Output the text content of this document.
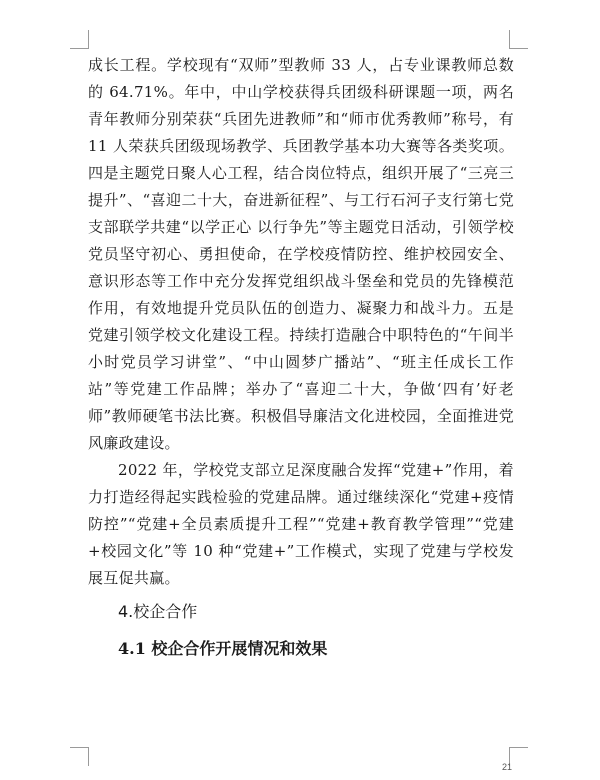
成长工程。学校现有“双师”型教师 33 人，占专业课教师总数的 64.71%。年中，中山学校获得兵团级科研课题一项，两名青年教师分别荣获“兵团先进教师”和“师市优秀教师”称号，有 11 人荣获兵团级现场教学、兵团教学基本功大赛等各类奖项。四是主题党日聚人心工程，结合岗位特点，组织开展了“三亮三提升”、“喜迎二十大，奋进新征程”、与工行石河子支行第七党支部联学共建“以学正心 以行争先”等主题党日活动，引领学校党员坚守初心、勇担使命，在学校疫情防控、维护校园安全、意识形态等工作中充分发挥党组织战斗堡垒和党员的先锋模范作用，有效地提升党员队伍的创造力、凝聚力和战斗力。五是党建引领学校文化建设工程。持续打造融合中职特色的“午间半小时党员学习讲堂”、“中山圆梦广播站”、“班主任成长工作站”等党建工作品牌；举办了“喜迎二十大，争做‘四有’好老师”教师硬笔书法比赛。积极倡导廉洁文化进校园，全面推进党风廉政建设。

2022 年，学校党支部立足深度融合发挥“党建+”作用，着力打造经得起实践检验的党建品牌。通过继续深化“党建+疫情防控”“党建+全员素质提升工程”“党建+教育教学管理”“党建+校园文化”等 10 种“党建+”工作模式，实现了党建与学校发展互促共赢。

4.校企合作

4.1 校企合作开展情况和效果

21
